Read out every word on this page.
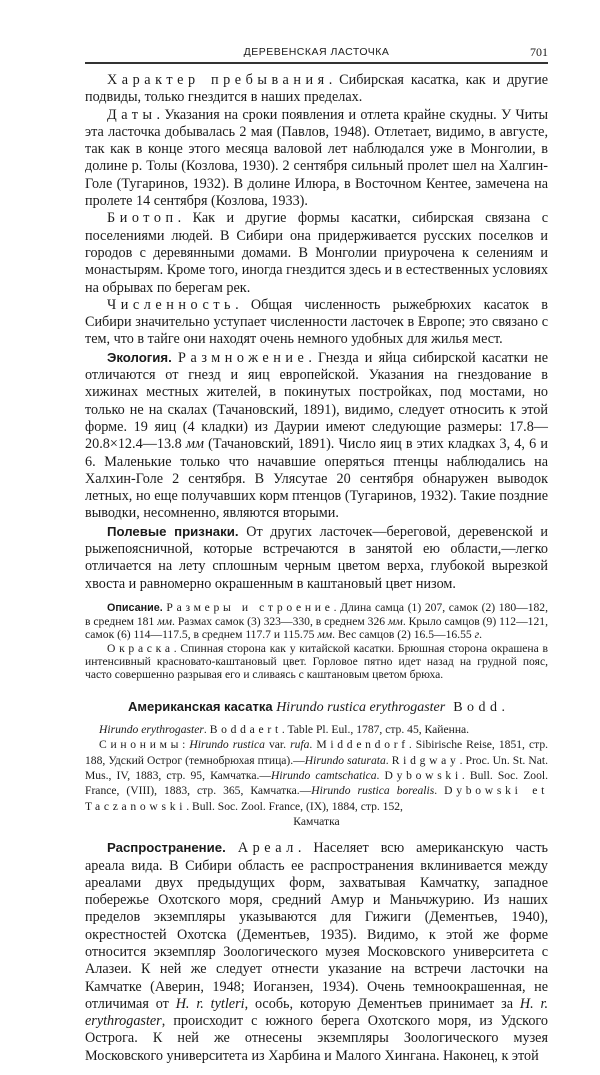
ДЕРЕВЕНСКАЯ ЛАСТОЧКА	701

Характер пребывания. Сибирская касатка, как и другие подвиды, только гнездится в наших пределах.

Даты. Указания на сроки появления и отлета крайне скудны. У Читы эта ласточка добывалась 2 мая (Павлов, 1948). Отлетает, видимо, в августе, так как в конце этого месяца валовой лет наблюдался уже в Монголии, в долине р. Толы (Козлова, 1930). 2 сентября сильный пролет шел на Халгин-Голе (Тугаринов, 1932). В долине Илюра, в Восточном Кентее, замечена на пролете 14 сентября (Козлова, 1933).

Биотоп. Как и другие формы касатки, сибирская связана с поселениями людей. В Сибири она придерживается русских поселков и городов с деревянными домами. В Монголии приурочена к селениям и монастырям. Кроме того, иногда гнездится здесь и в естественных условиях на обрывах по берегам рек.

Численность. Общая численность рыжебрюхих касаток в Сибири значительно уступает численности ласточек в Европе; это связано с тем, что в тайге они находят очень немного удобных для жилья мест.

Экология. Размножение. Гнезда и яйца сибирской касатки не отличаются от гнезд и яиц европейской. Указания на гнездование в хижинах местных жителей, в покинутых постройках, под мостами, но только не на скалах (Тачановский, 1891), видимо, следует относить к этой форме. 19 яиц (4 кладки) из Даурии имеют следующие размеры: 17.8—20.8×12.4—13.8 мм (Тачановский, 1891). Число яиц в этих кладках 3, 4, 6 и 6. Маленькие только что начавшие оперяться птенцы наблюдались на Халхин-Голе 2 сентября. В Улясутае 20 сентября обнаружен выводок летных, но еще получавших корм птенцов (Тугаринов, 1932). Такие поздние выводки, несомненно, являются вторыми.

Полевые признаки. От других ласточек—береговой, деревенской и рыжепоясничной, которые встречаются в занятой ею области,—легко отличается на лету сплошным черным цветом верха, глубокой вырезкой хвоста и равномерно окрашенным в каштановый цвет низом.

Описание. Размеры и строение. Длина самца (1) 207, самок (2) 180—182, в среднем 181 мм. Размах самок (3) 323—330, в среднем 326 мм. Крыло самцов (9) 112—121, самок (6) 114—117.5, в среднем 117.7 и 115.75 мм. Вес самцов (2) 16.5—16.55 г.

Окраска. Спинная сторона как у китайской касатки. Брюшная сторона окрашена в интенсивный красновато-каштановый цвет. Горловое пятно идет назад на грудной пояс, часто совершенно разрывая его и сливаясь с каштановым цветом брюха.

Американская касатка Hirundo rustica erythrogaster Bodd.

Hirundo erythrogaster. Boddaert. Table Pl. Eul., 1787, стр. 45, Кайенна.

Синонимы: Hirundo rustica var. rufa. Middendorf. Sibirische Reise, 1851, стр. 188, Удский Острог (темнобрюхая птица).—Hirundo saturata. Ridgway. Proc. Un. St. Nat. Mus., IV, 1883, стр. 95, Камчатка.—Hirundo camtschatica. Dybowski. Bull. Soc. Zool. France, (VIII), 1883, стр. 365, Камчатка.—Hirundo rustica borealis. Dybowski et Taczanowski. Bull. Soc. Zool. France, (IX), 1884, стр. 152,

Камчатка

Распространение. Ареал. Населяет всю американскую часть ареала вида. В Сибири область ее распространения вклинивается между ареалами двух предыдущих форм, захватывая Камчатку, западное побережье Охотского моря, средний Амур и Маньчжурию. Из наших пределов экземпляры указываются для Гижиги (Дементьев, 1940), окрестностей Охотска (Дементьев, 1935). Видимо, к этой же форме относится экземпляр Зоологического музея Московского университета с Алазеи. К ней же следует отнести указание на встречи ласточки на Камчатке (Аверин, 1948; Иоганзен, 1934). Очень темноокрашенная, не отличимая от H. r. tytleri, особь, которую Дементьев принимает за H. r. erythrogaster, происходит с южного берега Охотского моря, из Удского Острога. К ней же отнесены экземпляры Зоологического музея Московского университета из Харбина и Малого Хингана. Наконец, к этой
